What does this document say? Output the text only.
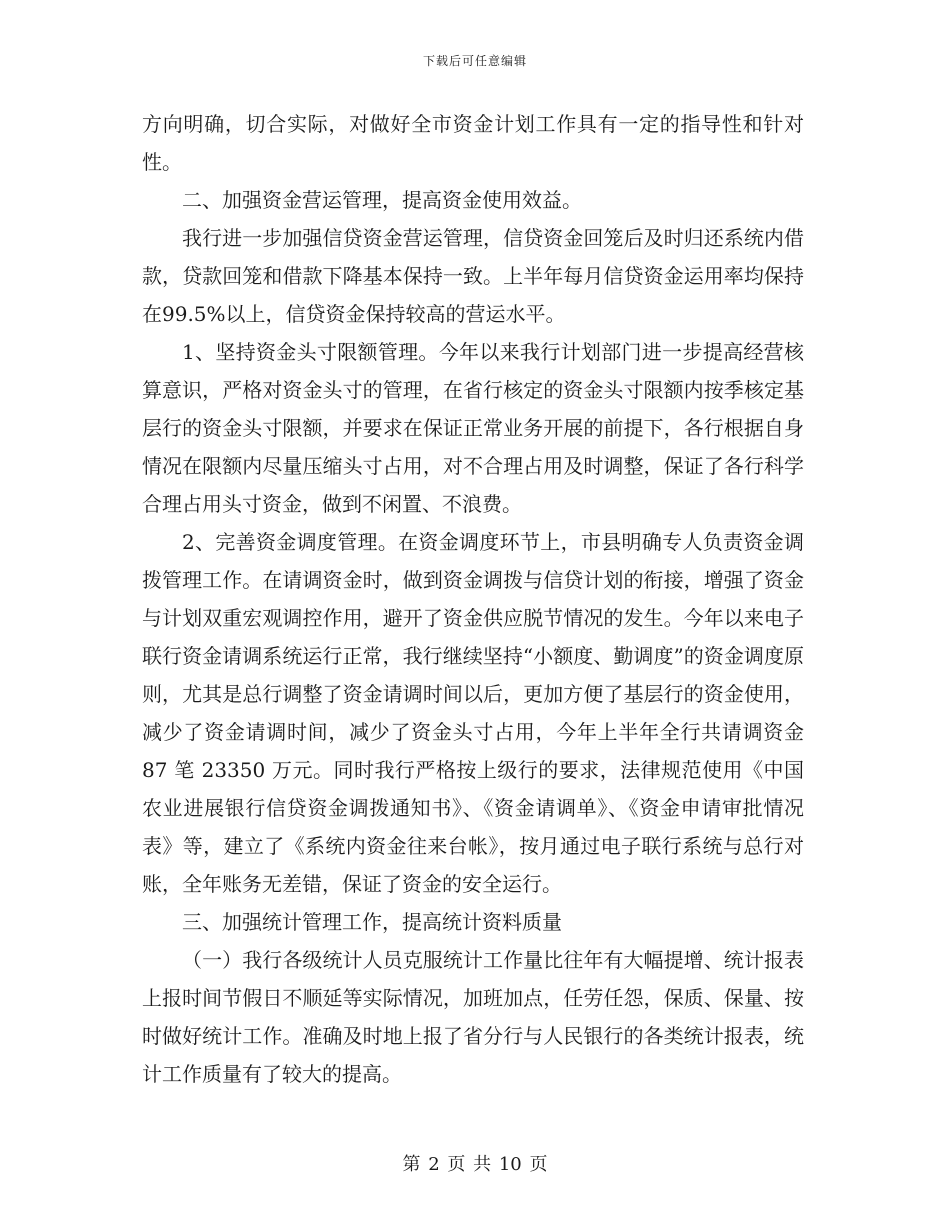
下载后可任意编辑

方向明确，切合实际，对做好全市资金计划工作具有一定的指导性和针对性。

二、加强资金营运管理，提高资金使用效益。

我行进一步加强信贷资金营运管理，信贷资金回笼后及时归还系统内借款，贷款回笼和借款下降基本保持一致。上半年每月信贷资金运用率均保持在99.5%以上，信贷资金保持较高的营运水平。

1、坚持资金头寸限额管理。今年以来我行计划部门进一步提高经营核算意识，严格对资金头寸的管理，在省行核定的资金头寸限额内按季核定基层行的资金头寸限额，并要求在保证正常业务开展的前提下，各行根据自身情况在限额内尽量压缩头寸占用，对不合理占用及时调整，保证了各行科学合理占用头寸资金，做到不闲置、不浪费。

2、完善资金调度管理。在资金调度环节上，市县明确专人负责资金调拨管理工作。在请调资金时，做到资金调拨与信贷计划的衔接，增强了资金与计划双重宏观调控作用，避开了资金供应脱节情况的发生。今年以来电子联行资金请调系统运行正常，我行继续坚持“小额度、勤调度”的资金调度原则，尤其是总行调整了资金请调时间以后，更加方便了基层行的资金使用，减少了资金请调时间，减少了资金头寸占用，今年上半年全行共请调资金 87 笔 23350 万元。同时我行严格按上级行的要求，法律规范使用《中国农业进展银行信贷资金调拨通知书》、《资金请调单》、《资金申请审批情况表》等，建立了《系统内资金往来台帐》，按月通过电子联行系统与总行对账，全年账务无差错，保证了资金的安全运行。

三、加强统计管理工作，提高统计资料质量

（一）我行各级统计人员克服统计工作量比往年有大幅提增、统计报表上报时间节假日不顺延等实际情况，加班加点，任劳任怨，保质、保量、按时做好统计工作。准确及时地上报了省分行与人民银行的各类统计报表，统计工作质量有了较大的提高。

第 2 页 共 10 页
